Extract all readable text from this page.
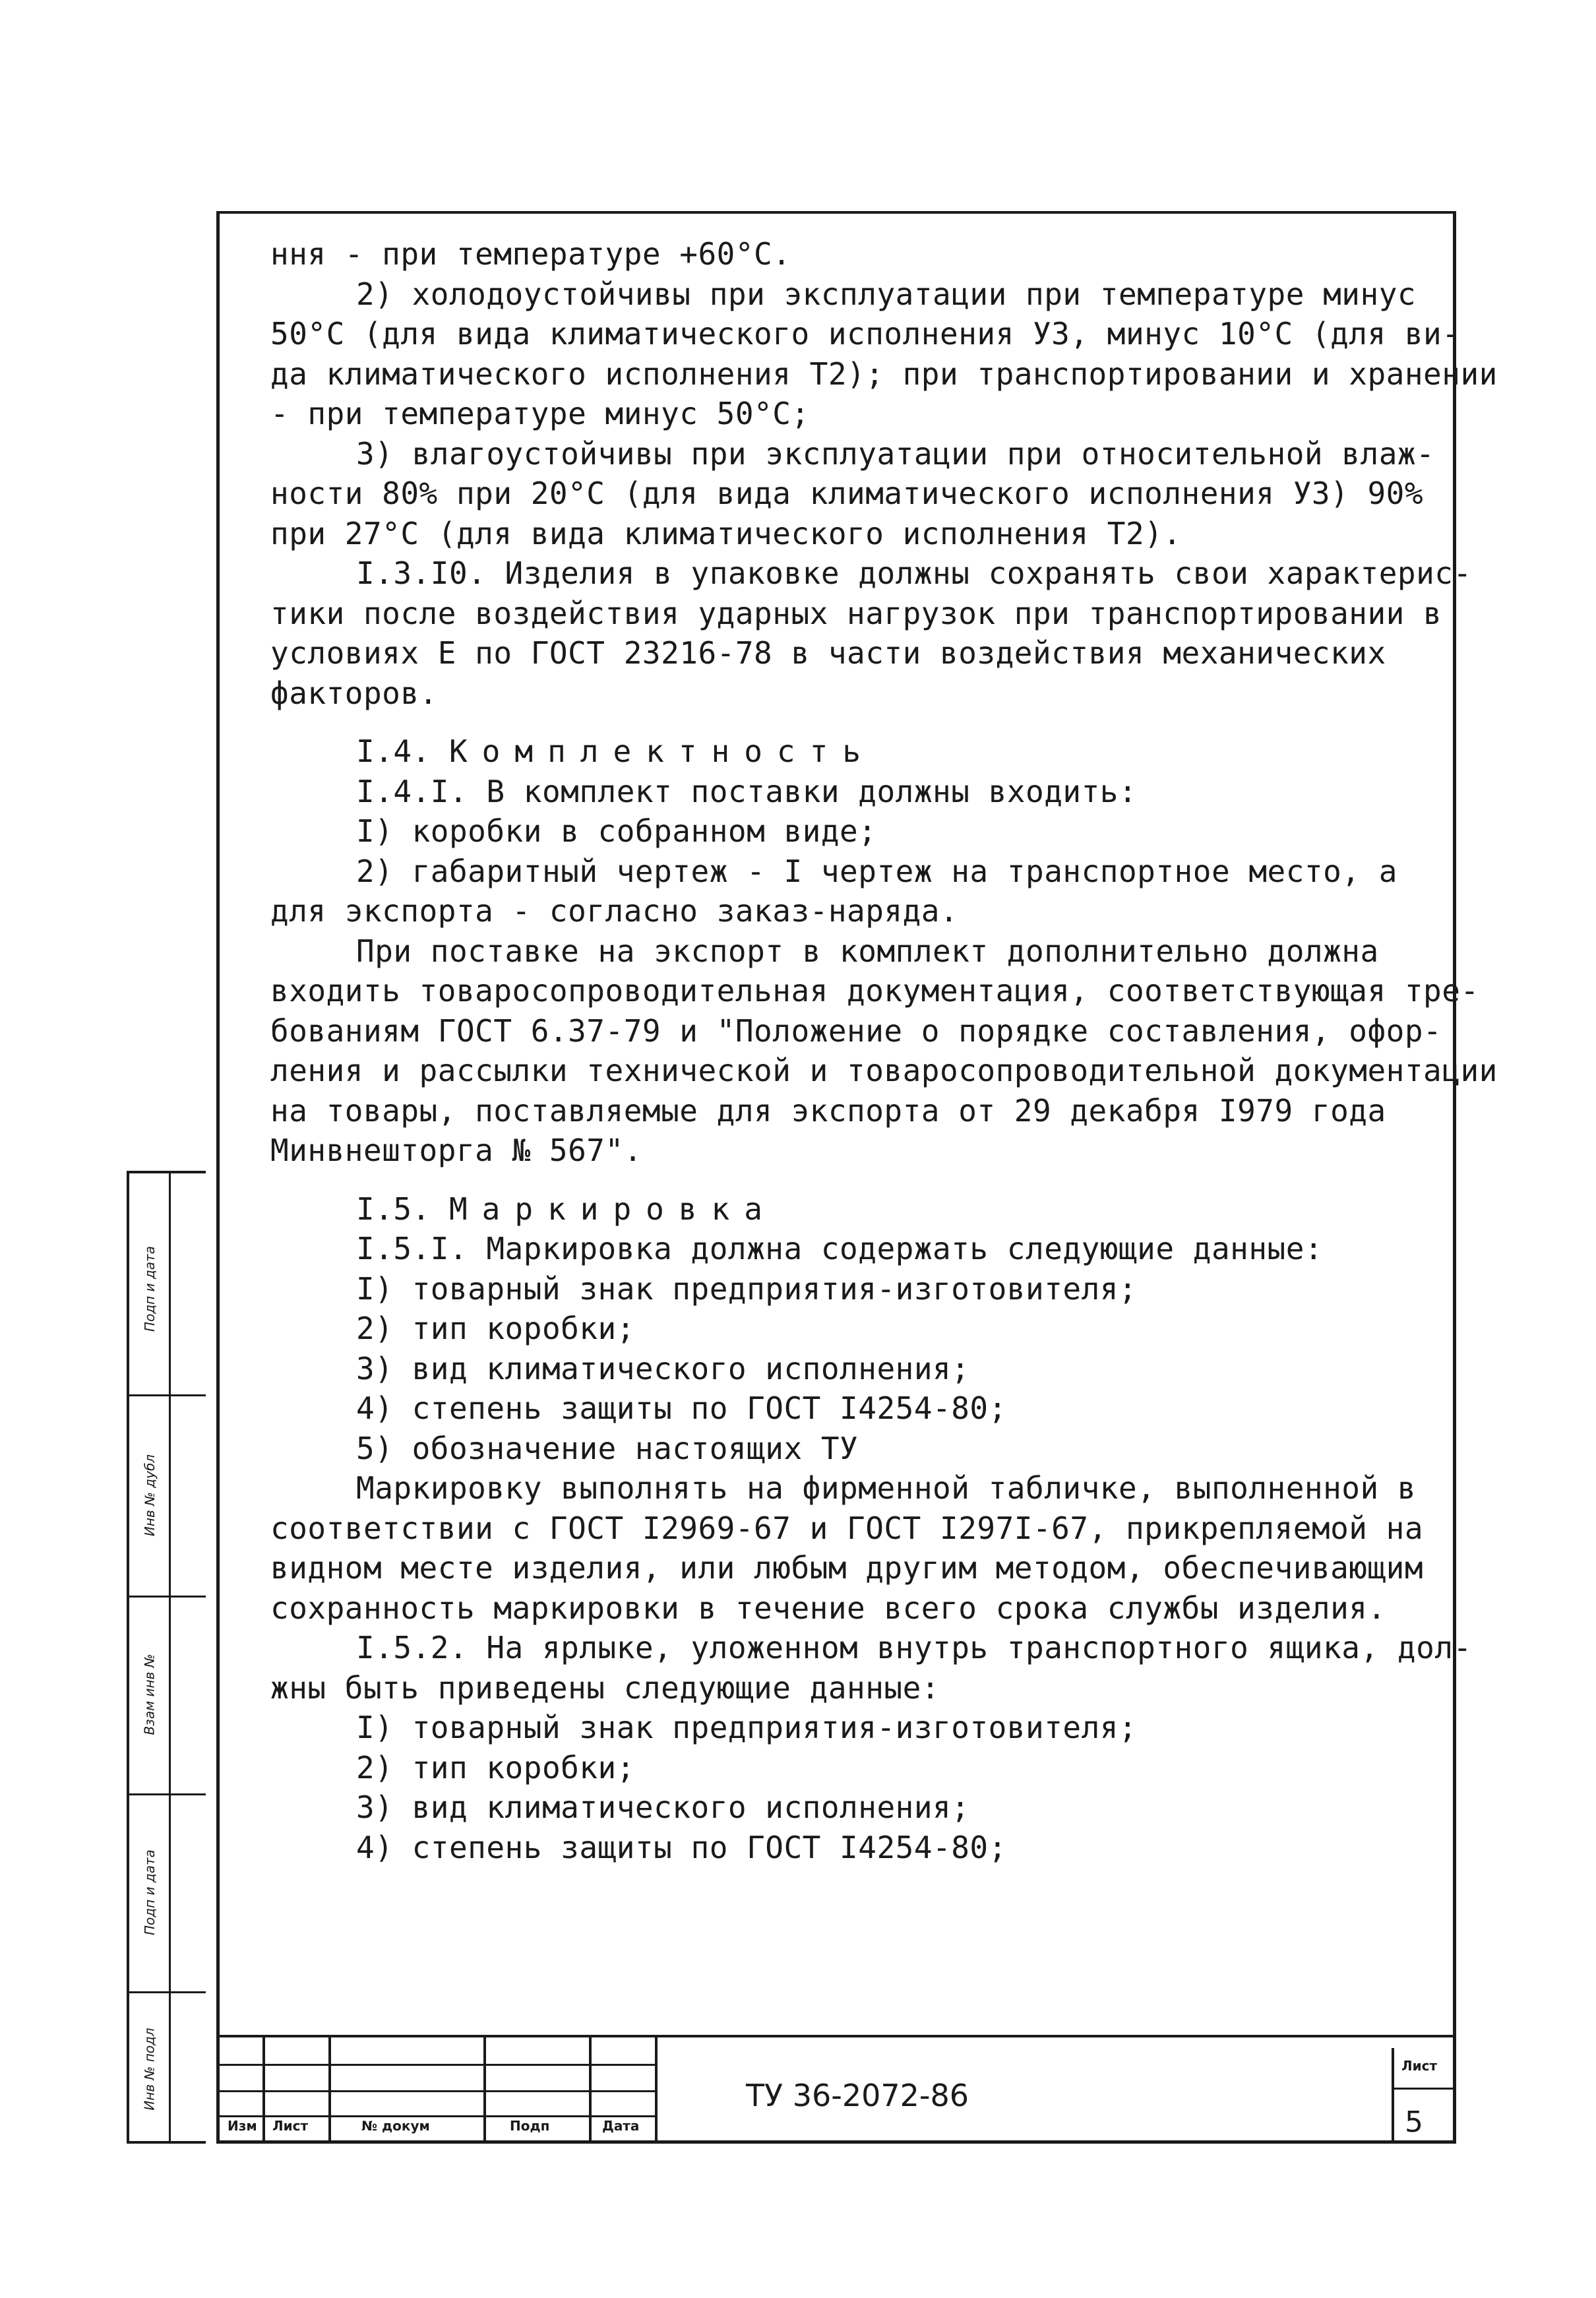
ння - при температуре +60°С.
2) холодоустойчивы при эксплуатации при температуре минус
50°С (для вида климатического исполнения У3, минус 10°С (для ви-
да климатического исполнения Т2); при транспортировании и хранении
- при температуре минус 50°С;
3) влагоустойчивы при эксплуатации при относительной влаж-
ности 80% при 20°С (для вида климатического исполнения У3) 90%
при 27°С (для вида климатического исполнения Т2).
I.3.I0. Изделия в упаковке должны сохранять свои характерис-
тики после воздействия ударных нагрузок при транспортировании в
условиях Е по ГОСТ 23216-78 в части воздействия механических
факторов.
I.4. Комплектность
I.4.I. В комплект поставки должны входить:
I) коробки в собранном виде;
2) габаритный чертеж - I чертеж на транспортное место, а
для экспорта - согласно заказ-наряда.
При поставке на экспорт в комплект дополнительно должна
входить товаросопроводительная документация, соответствующая тре-
бованиям ГОСТ 6.37-79 и "Положение о порядке составления, офор-
ления и рассылки технической и товаросопроводительной документации
на товары, поставляемые для экспорта от 29 декабря I979 года
Минвнешторга № 567".
I.5. Маркировка
I.5.I. Маркировка должна содержать следующие данные:
I) товарный знак предприятия-изготовителя;
2) тип коробки;
3) вид климатического исполнения;
4) степень защиты по ГОСТ I4254-80;
5) обозначение настоящих ТУ
Маркировку выполнять на фирменной табличке, выполненной в
соответствии с ГОСТ I2969-67 и ГОСТ I297I-67, прикрепляемой на
видном месте изделия, или любым другим методом, обеспечивающим
сохранность маркировки в течение всего срока службы изделия.
I.5.2. На ярлыке, уложенном внутрь транспортного ящика, дол-
жны быть приведены следующие данные:
I) товарный знак предприятия-изготовителя;
2) тип коробки;
3) вид климатического исполнения;
4) степень защиты по ГОСТ I4254-80;
Подп и дата
Инв № дубл
Взам инв №
Подп и дата
Инв № подл
Изм Лист	№ докум	Подп	Дата
ТУ 36-2072-86
Лист
5
